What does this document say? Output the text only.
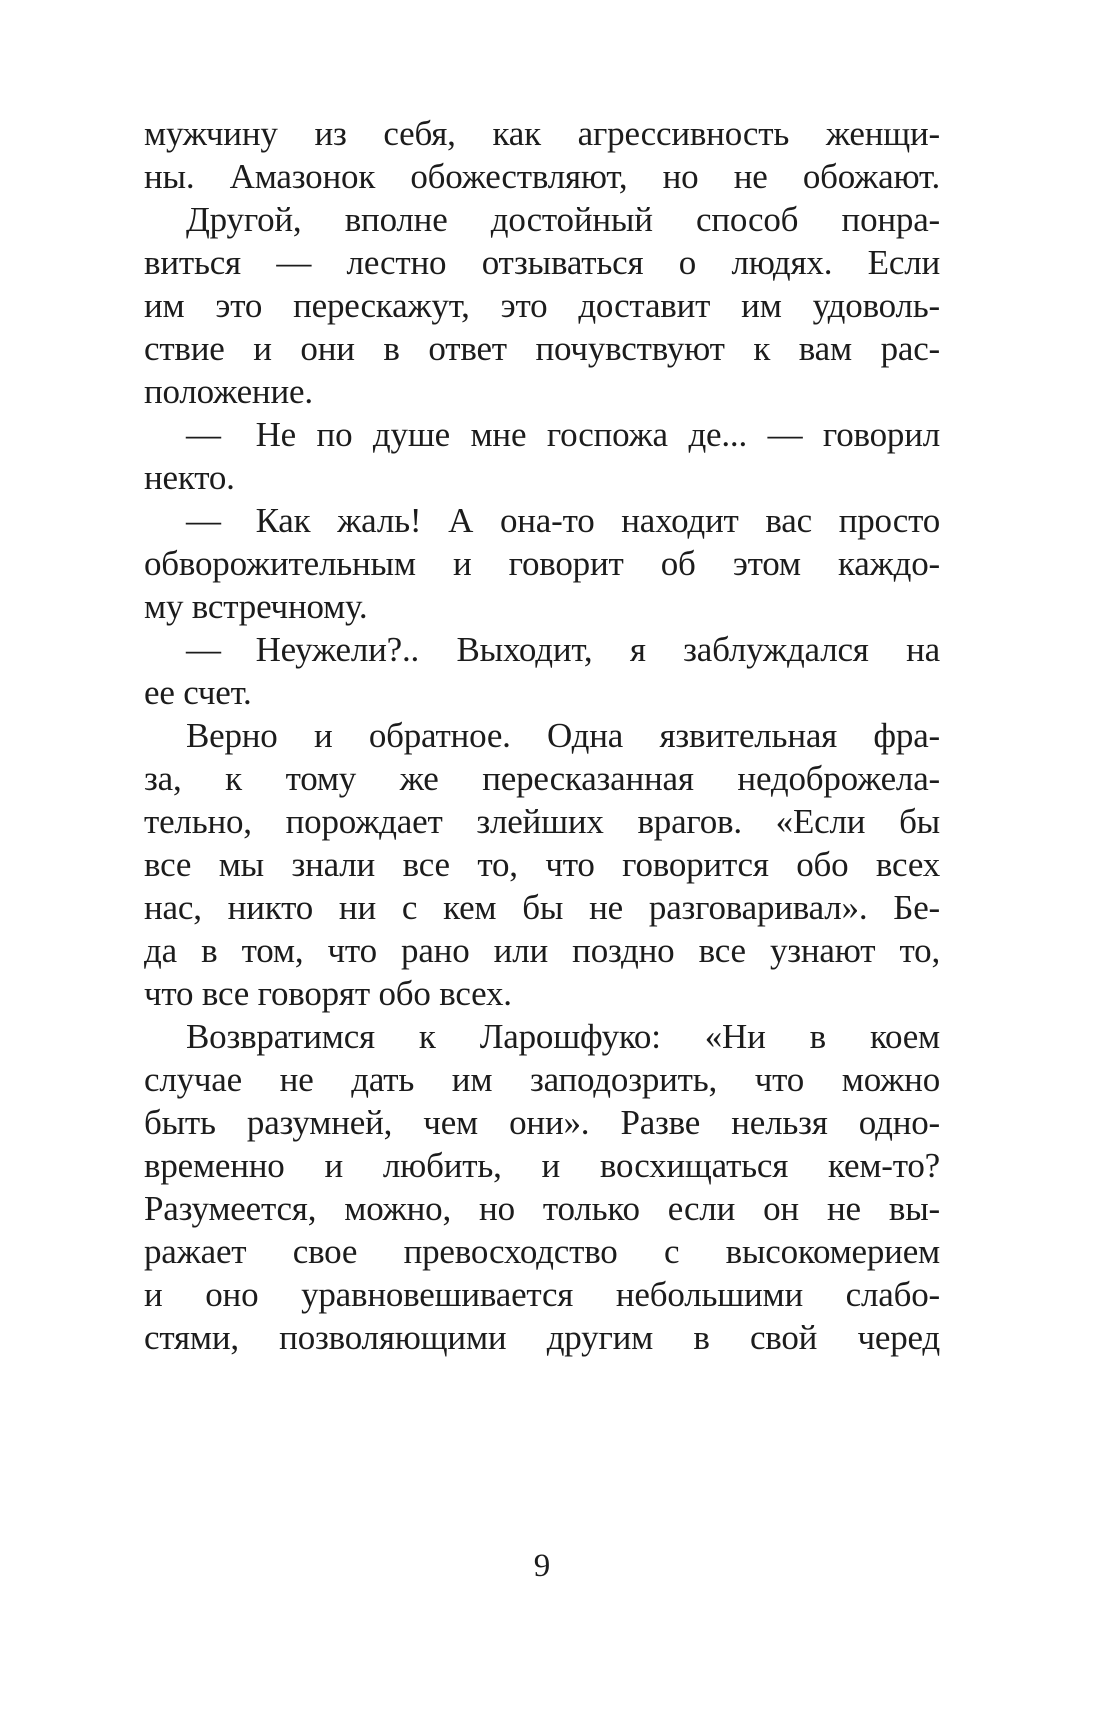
мужчину из себя, как агрессивность женщи-
ны. Амазонок обожествляют, но не обожают.
Другой, вполне достойный способ понра-
виться — лестно отзываться о людях. Если
им это перескажут, это доставит им удоволь-
ствие и они в ответ почувствуют к вам рас-
положение.
— Не по душе мне госпожа де... — говорил
некто.
— Как жаль! А она-то находит вас просто
обворожительным и говорит об этом каждо-
му встречному.
— Неужели?.. Выходит, я заблуждался на
ее счет.
Верно и обратное. Одна язвительная фра-
за, к тому же пересказанная недоброжела-
тельно, порождает злейших врагов. «Если бы
все мы знали все то, что говорится обо всех
нас, никто ни с кем бы не разговаривал». Бе-
да в том, что рано или поздно все узнают то,
что все говорят обо всех.
Возвратимся к Ларошфуко: «Ни в коем
случае не дать им заподозрить, что можно
быть разумней, чем они». Разве нельзя одно-
временно и любить, и восхищаться кем-то?
Разумеется, можно, но только если он не вы-
ражает свое превосходство с высокомерием
и оно уравновешивается небольшими слабо-
стями, позволяющими другим в свой черед
9
